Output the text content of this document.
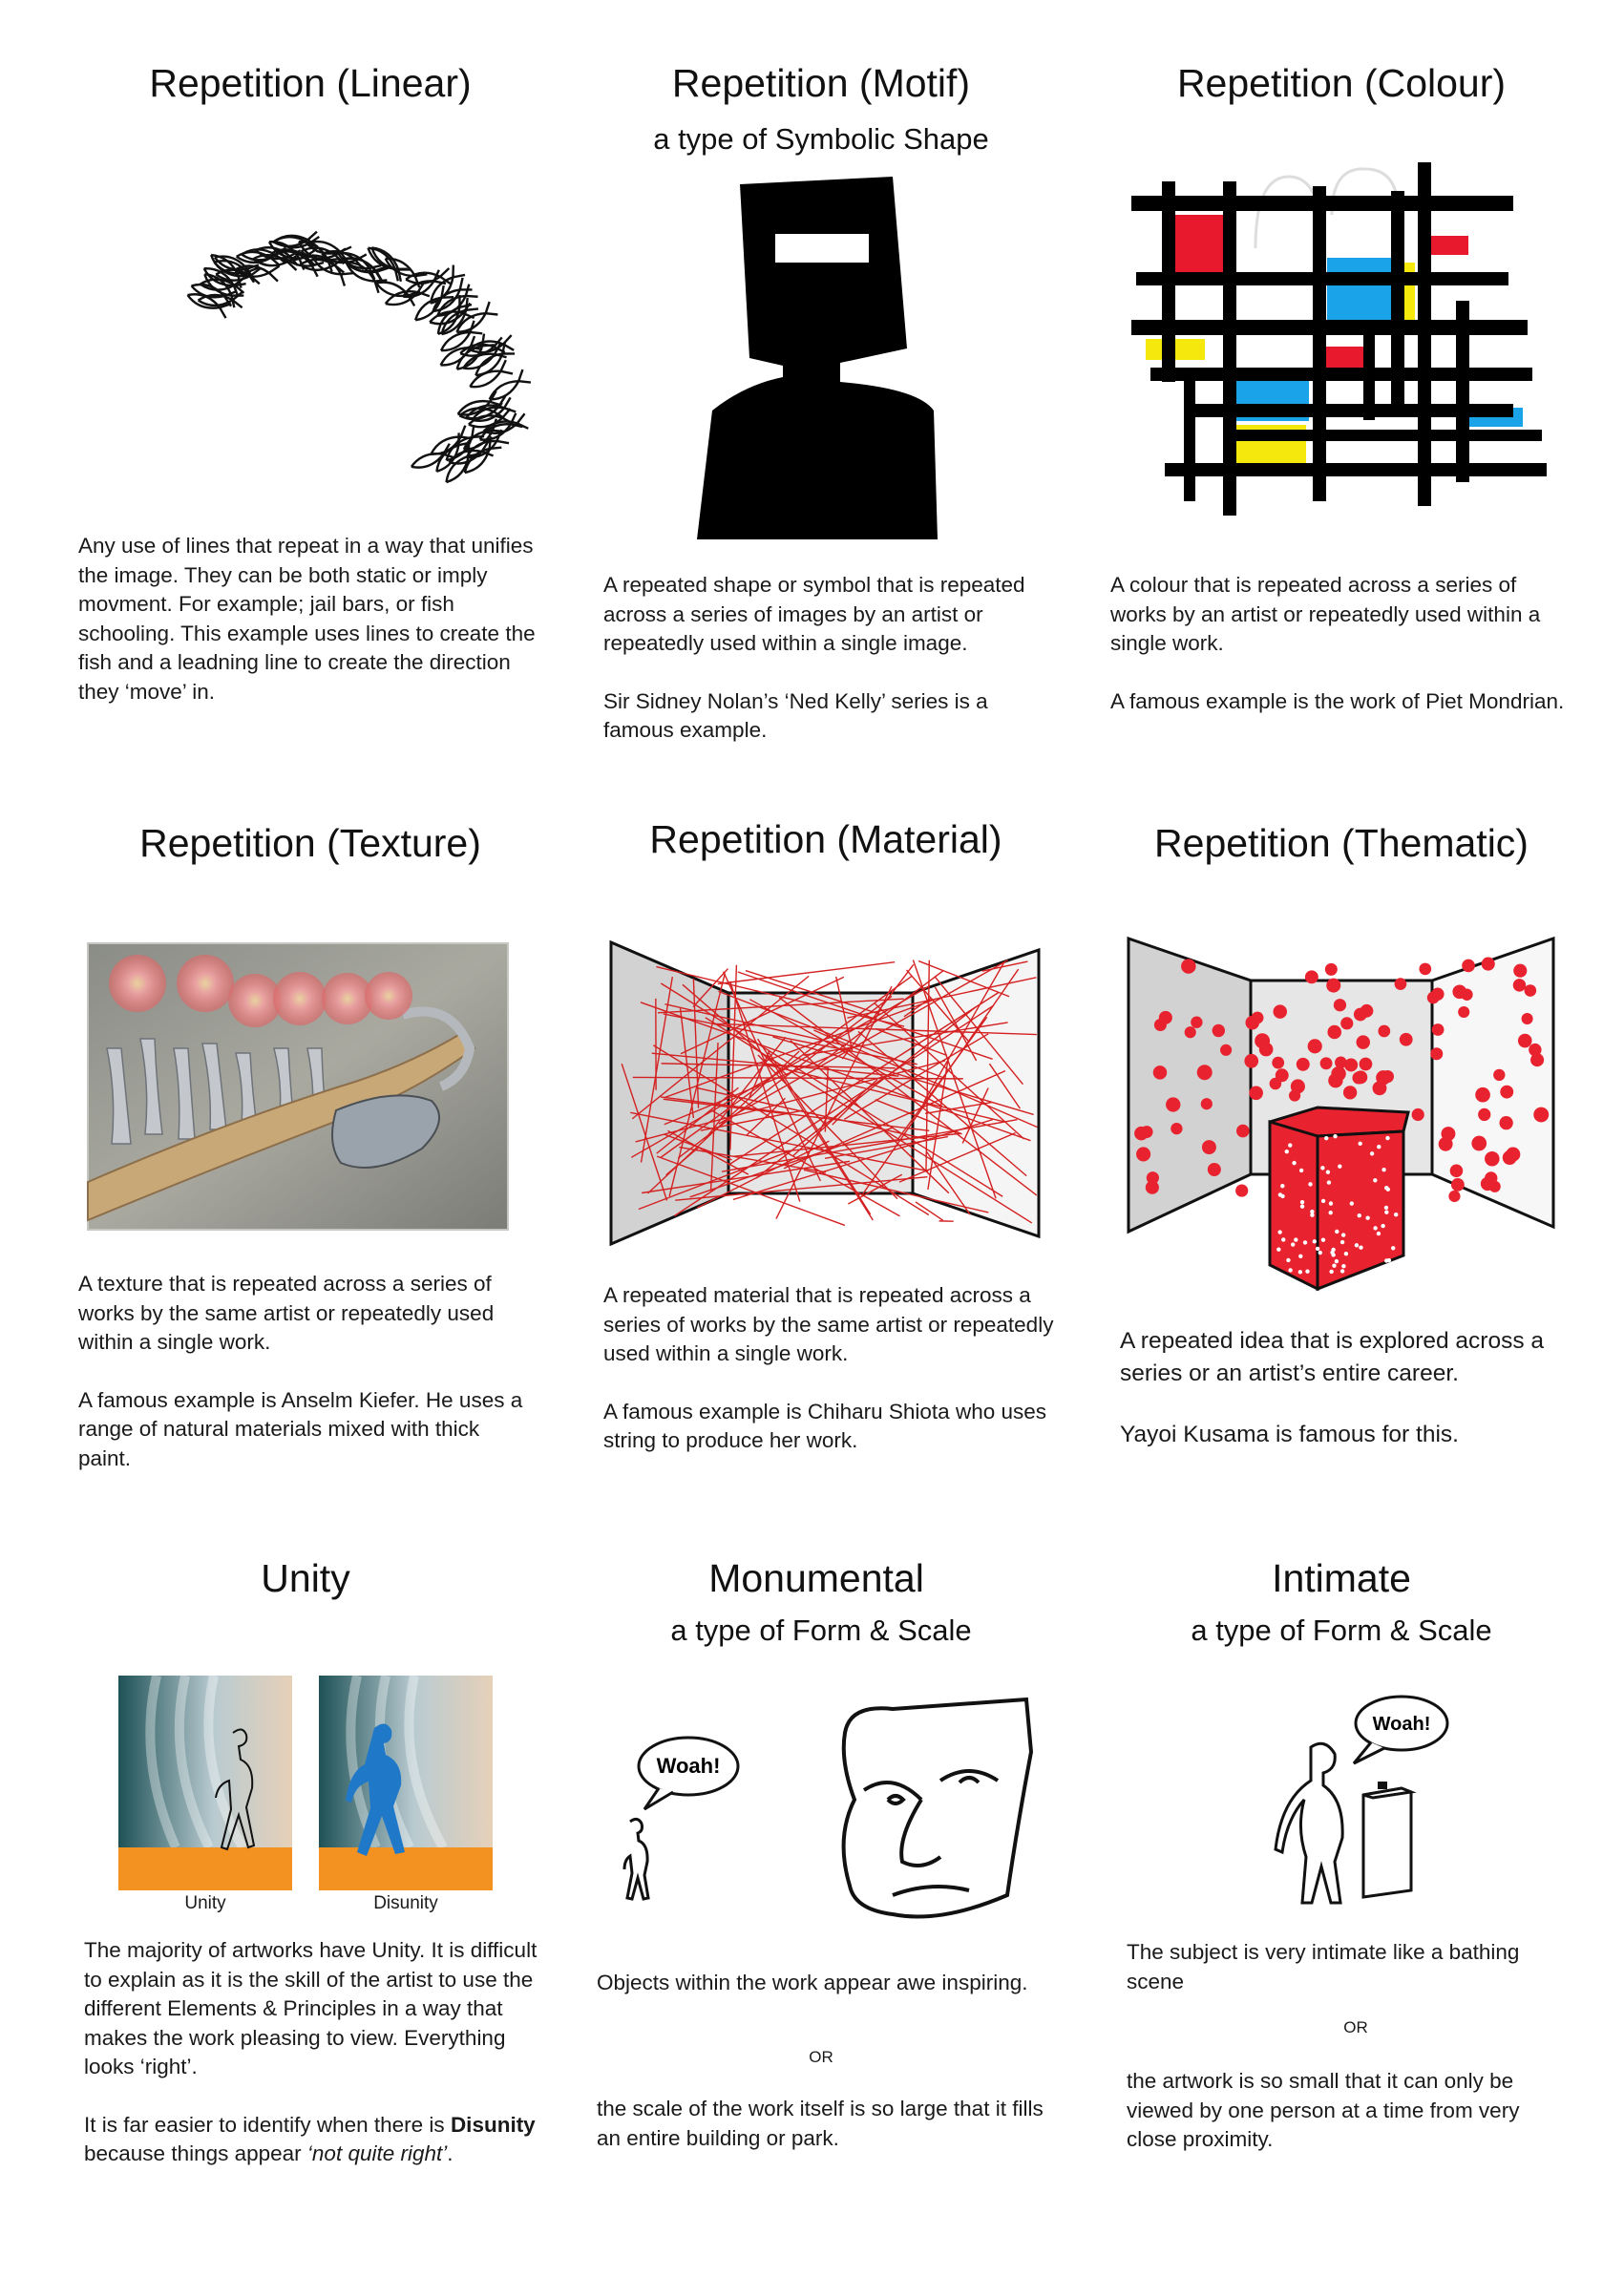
Repetition (Linear)
Any use of lines that repeat in a way that unifies the image. They can be both static or imply movment. For example; jail bars, or fish schooling. This example uses lines to create the fish and a leadning line to create the direction they ‘move’ in.
Repetition (Motif)
a type of Symbolic Shape

A repeated shape or symbol that is repeated across a series of images by an artist or repeatedly used within a single image.

Sir Sidney Nolan’s ‘Ned Kelly’ series is a famous example.

Repetition (Colour)

A colour that is repeated across a series of works by an artist or repeatedly used within a single work.

A famous example is the work of Piet Mondrian.

Repetition (Texture)

A texture that is repeated across a series of works by the same artist or repeatedly used within a single work.

A famous example is Anselm Kiefer. He uses a range of natural materials mixed with thick paint.

Repetition (Material)

A repeated material that is repeated across a series of works by the same artist or repeatedly used within a single work.

A famous example is Chiharu Shiota who uses string to produce her work.

Repetition (Thematic)

A repeated idea that is explored across a series or an artist’s entire career.

Yayoi Kusama is famous for this.

Unity
Unity	Disunity

The majority of artworks have Unity. It is difficult to explain as it is the skill of the artist to use the different Elements & Principles in a way that makes the work pleasing to view. Everything looks ‘right’.

It is far easier to identify when there is Disunity because things appear ‘not quite right’.

Monumental
a type of Form & Scale
Woah!

Objects within the work appear awe inspiring.

OR

the scale of the work itself is so large that it fills an entire building or park.

Intimate
a type of Form & Scale
Woah!

The subject is very intimate like a bathing scene

OR

the artwork is so small that it can only be viewed by one person at a time from very close proximity.
